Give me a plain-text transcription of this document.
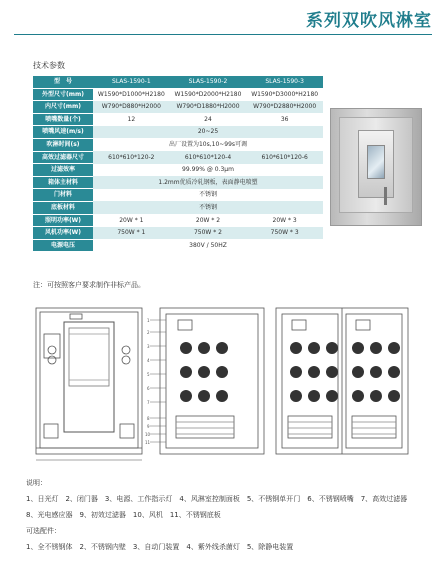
系列双吹风淋室
技术参数
型　号	SLAS-1590-1	SLAS-1590-2	SLAS-1590-3
外型尺寸(mm)	W1590*D1000*H2180	W1590*D2000*H2180	W1590*D3000*H2180
内尺寸(mm)	W790*D880*H2000	W790*D1880*H2000	W790*D2880*H2000
喷嘴数量(个)	12	24	36
喷嘴风速(m/s)	20~25		
吹淋时间(s)	出厂设置为10s,10~99s可调		
高效过滤器尺寸	610*610*120-2	610*610*120-4	610*610*120-6
过滤效率	99.99% @ 0.3μm		
箱体主材料	1.2mm优质冷轧钢板，表面静电喷塑		
门材料	不锈钢		
底板材料	不锈钢		
照明功率(W)	20W * 1	20W * 2	20W * 3
风机功率(W)	750W * 1	750W * 2	750W * 3
电源电压	380V / 50HZ		
注：可按照客户要求制作非标产品。
1
2
3
4
5
6
7
8
9
10
11
说明：
1、日光灯　2、闭门器　3、电源、工作指示灯　4、风淋室控制面板　5、不锈钢单开门　6、不锈钢喷嘴　7、高效过滤器
8、光电感应器　9、初效过滤器　10、风机　11、不锈钢底板
可选配件：
1、全不锈钢体　2、不锈钢内壁　3、自动门装置　4、紫外线杀菌灯　5、除静电装置
